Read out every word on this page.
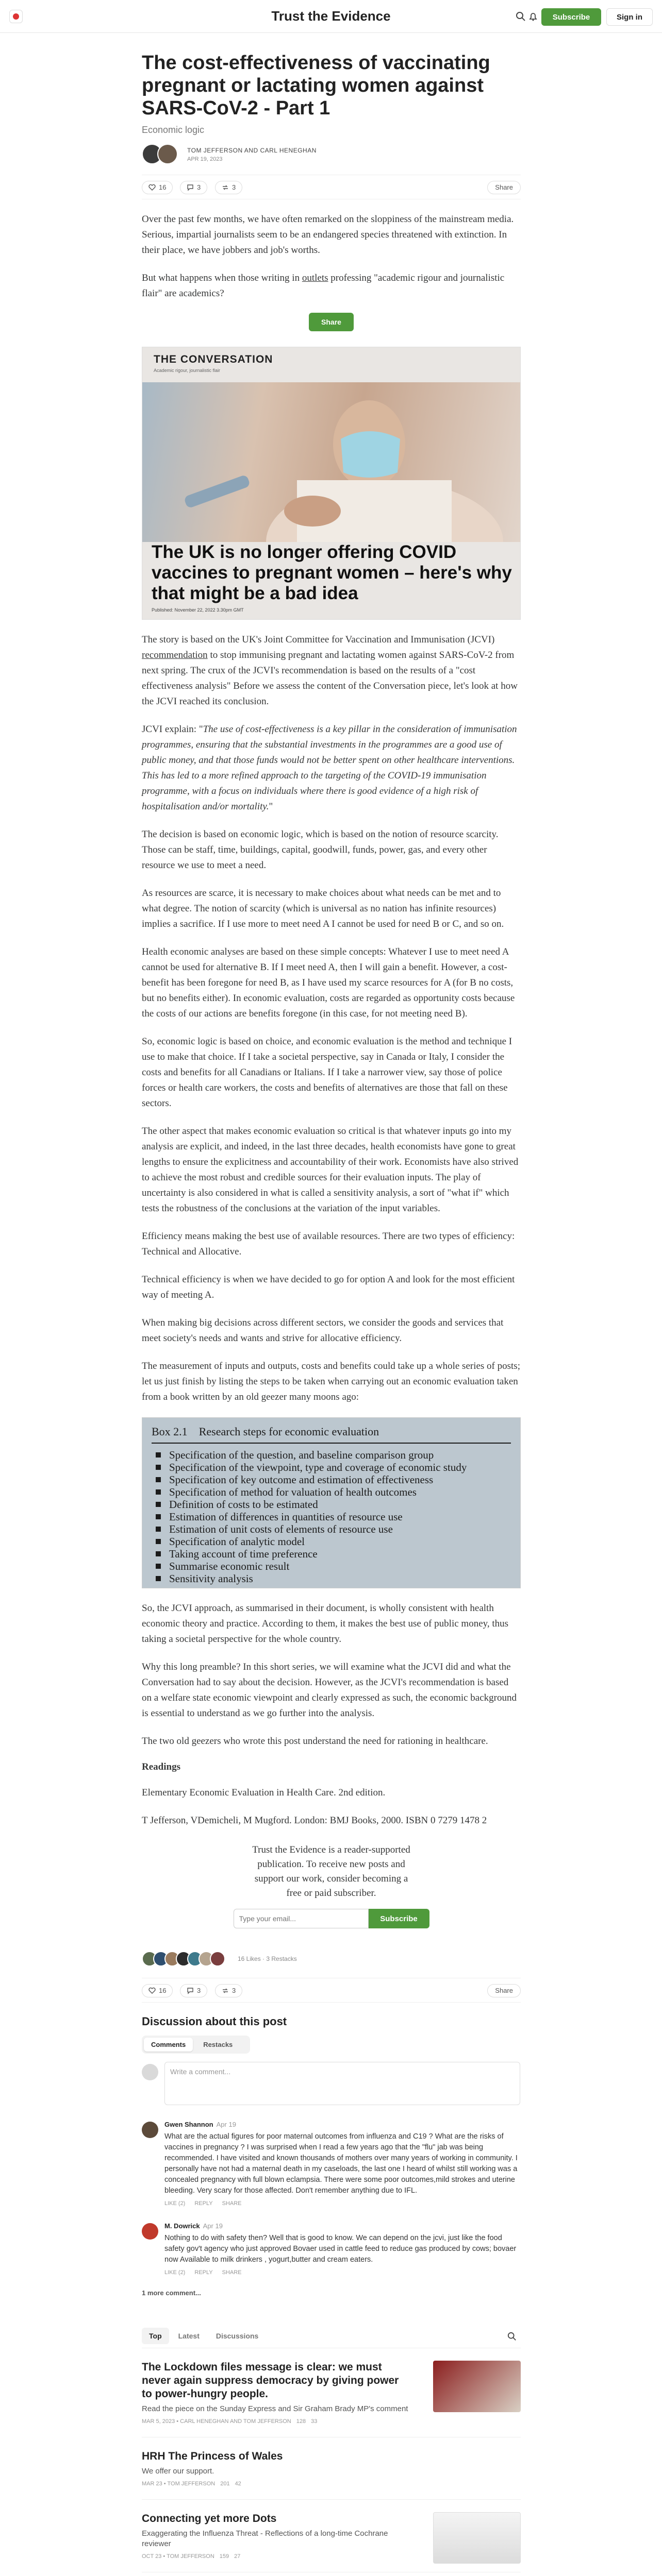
Trust the Evidence	Subscribe	Sign in
The cost-effectiveness of vaccinating pregnant or lactating women against SARS-CoV-2 - Part 1
Economic logic
TOM JEFFERSON AND CARL HENEGHAN
APR 19, 2023
16	3	3	Share

Over the past few months, we have often remarked on the sloppiness of the mainstream media. Serious, impartial journalists seem to be an endangered species threatened with extinction. In their place, we have jobbers and job's worths.

But what happens when those writing in outlets professing "academic rigour and journalistic flair" are academics?

Share
THE CONVERSATION
Academic rigour, journalistic flair
The UK is no longer offering COVID vaccines to pregnant women – here's why that might be a bad idea
Published: November 22, 2022 3.30pm GMT

The story is based on the UK's Joint Committee for Vaccination and Immunisation (JCVI) recommendation to stop immunising pregnant and lactating women against SARS-CoV-2 from next spring. The crux of the JCVI's recommendation is based on the results of a "cost effectiveness analysis" Before we assess the content of the Conversation piece, let's look at how the JCVI reached its conclusion.

JCVI explain: "The use of cost-effectiveness is a key pillar in the consideration of immunisation programmes, ensuring that the substantial investments in the programmes are a good use of public money, and that those funds would not be better spent on other healthcare interventions. This has led to a more refined approach to the targeting of the COVID-19 immunisation programme, with a focus on individuals where there is good evidence of a high risk of hospitalisation and/or mortality."

The decision is based on economic logic, which is based on the notion of resource scarcity. Those can be staff, time, buildings, capital, goodwill, funds, power, gas, and every other resource we use to meet a need.

As resources are scarce, it is necessary to make choices about what needs can be met and to what degree. The notion of scarcity (which is universal as no nation has infinite resources) implies a sacrifice. If I use more to meet need A I cannot be used for need B or C, and so on.

Health economic analyses are based on these simple concepts: Whatever I use to meet need A cannot be used for alternative B. If I meet need A, then I will gain a benefit. However, a cost-benefit has been foregone for need B, as I have used my scarce resources for A (for B no costs, but no benefits either). In economic evaluation, costs are regarded as opportunity costs because the costs of our actions are benefits foregone (in this case, for not meeting need B).

So, economic logic is based on choice, and economic evaluation is the method and technique I use to make that choice. If I take a societal perspective, say in Canada or Italy, I consider the costs and benefits for all Canadians or Italians. If I take a narrower view, say those of police forces or health care workers, the costs and benefits of alternatives are those that fall on these sectors.

The other aspect that makes economic evaluation so critical is that whatever inputs go into my analysis are explicit, and indeed, in the last three decades, health economists have gone to great lengths to ensure the explicitness and accountability of their work. Economists have also strived to achieve the most robust and credible sources for their evaluation inputs. The play of uncertainty is also considered in what is called a sensitivity analysis, a sort of "what if" which tests the robustness of the conclusions at the variation of the input variables.

Efficiency means making the best use of available resources. There are two types of efficiency: Technical and Allocative.

Technical efficiency is when we have decided to go for option A and look for the most efficient way of meeting A.

When making big decisions across different sectors, we consider the goods and services that meet society's needs and wants and strive for allocative efficiency.

The measurement of inputs and outputs, costs and benefits could take up a whole series of posts; let us just finish by listing the steps to be taken when carrying out an economic evaluation taken from a book written by an old geezer many moons ago:

Box 2.1 Research steps for economic evaluation
Specification of the question, and baseline comparison group
Specification of the viewpoint, type and coverage of economic study
Specification of key outcome and estimation of effectiveness
Specification of method for valuation of health outcomes
Definition of costs to be estimated
Estimation of differences in quantities of resource use
Estimation of unit costs of elements of resource use
Specification of analytic model
Taking account of time preference
Summarise economic result
Sensitivity analysis

So, the JCVI approach, as summarised in their document, is wholly consistent with health economic theory and practice. According to them, it makes the best use of public money, thus taking a societal perspective for the whole country.

Why this long preamble? In this short series, we will examine what the JCVI did and what the Conversation had to say about the decision. However, as the JCVI's recommendation is based on a welfare state economic viewpoint and clearly expressed as such, the economic background is essential to understand as we go further into the analysis.

The two old geezers who wrote this post understand the need for rationing in healthcare.

Readings

Elementary Economic Evaluation in Health Care. 2nd edition.

T Jefferson, VDemicheli, M Mugford. London: BMJ Books, 2000. ISBN 0 7279 1478 2

Trust the Evidence is a reader-supported publication. To receive new posts and support our work, consider becoming a free or paid subscriber.
Type your email...
Subscribe
16 Likes · 3 Restacks
16	3	3	Share
Discussion about this post
Comments	Restacks
Write a comment...
Gwen Shannon Apr 19
What are the actual figures for poor maternal outcomes from influenza and C19 ? What are the risks of vaccines in pregnancy ? I was surprised when I read a few years ago that the "flu" jab was being recommended. I have visited and known thousands of mothers over many years of working in community. I personally have not had a maternal death in my caseloads, the last one I heard of whilst still working was a concealed pregnancy with full blown eclampsia. There were some poor outcomes,mild strokes and uterine bleeding. Very scary for those affected. Don't remember anything due to IFL.
LIKE (2) REPLY SHARE
M. Dowrick Apr 19
Nothing to do with safety then? Well that is good to know. We can depend on the jcvi, just like the food safety gov't agency who just approved Bovaer used in cattle feed to reduce gas produced by cows; bovaer now Available to milk drinkers , yogurt,butter and cream eaters.
LIKE (2) REPLY SHARE
1 more comment...
Top	Latest	Discussions
The Lockdown files message is clear: we must never again suppress democracy by giving power to power-hungry people.
Read the piece on the Sunday Express and Sir Graham Brady MP's comment
MAR 5, 2023 • CARL HENEGHAN AND TOM JEFFERSON 128 33
HRH The Princess of Wales
We offer our support.
MAR 23 • TOM JEFFERSON 201 42
Connecting yet more Dots
Exaggerating the Influenza Threat - Reflections of a long-time Cochrane reviewer
OCT 23 • TOM JEFFERSON 159 27
